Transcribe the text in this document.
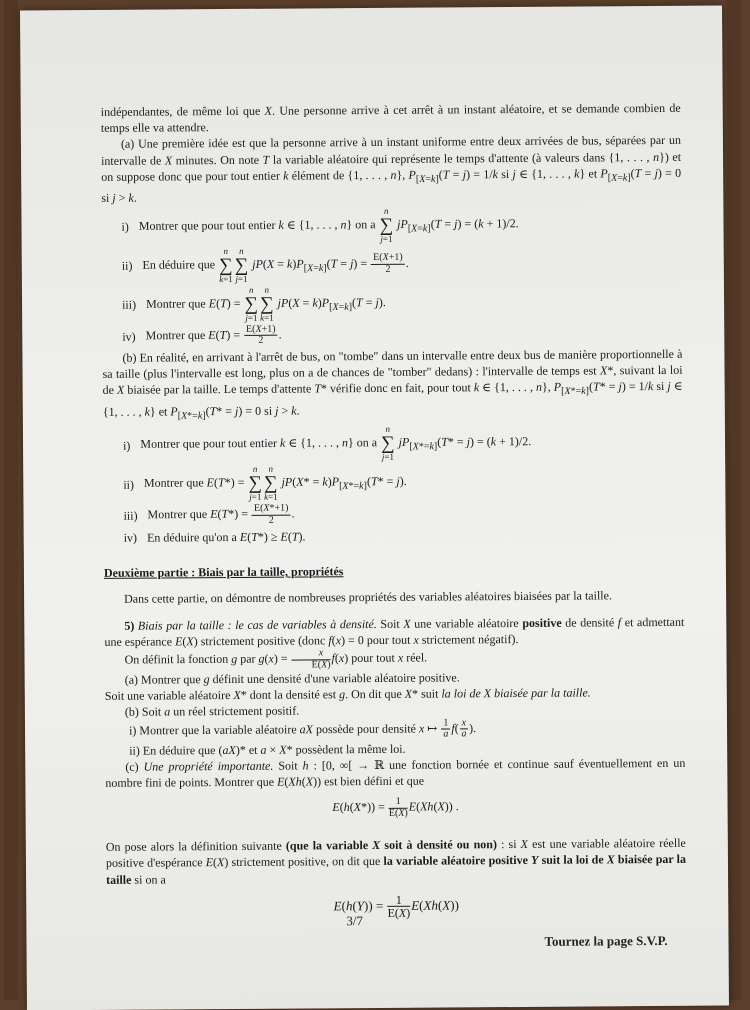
indépendantes, de même loi que X. Une personne arrive à cet arrêt à un instant aléatoire, et se demande combien de temps elle va attendre.

(a) Une première idée est que la personne arrive à un instant uniforme entre deux arrivées de bus, séparées par un intervalle de X minutes. On note T la variable aléatoire qui représente le temps d'attente (à valeurs dans {1, . . . , n}) et on suppose donc que pour tout entier k élément de {1, . . . , n}, $P_{[X=k]}(T = j) = 1/k$ si j ∈ {1, . . . , k} et $P_{[X=k]}(T = j) = 0$ si j > k.

i) Montrer que pour tout entier k ∈ {1, . . . , n} on a
n
∑
j=1
$jP_{[X=k]}(T = j) = (k + 1)/2$.
ii) En déduire que
n
∑
k=1
n
∑
j=1
$jP(X = k)P_{[X=k]}(T = j) = \frac{E(X+1)}{2}$ .
iii) Montrer que E(T) =
n
∑
j=1
n
∑
k=1
$jP(X = k)P_{[X=k]}(T = j)$.
iv) Montrer que $E(T) = \frac{E(X+1)}{2}$ .

(b) En réalité, en arrivant à l'arrêt de bus, on "tombe" dans un intervalle entre deux bus de manière proportionnelle à sa taille (plus l'intervalle est long, plus on a de chances de "tomber" dedans) : l'intervalle de temps est X*, suivant la loi de X biaisée par la taille. Le temps d'attente T* vérifie donc en fait, pour tout k ∈ {1, . . . , n}, $P_{[X*=k]}(T* = j) = 1/k$ si j ∈ {1, . . . , k} et $P_{[X*=k]}(T* = j) = 0$ si j > k.

i) Montrer que pour tout entier k ∈ {1, . . . , n} on a
n
∑
j=1
$jP_{[X*=k]}(T* = j) = (k + 1)/2$.
ii) Montrer que E(T*) =
n
∑
j=1
n
∑
k=1
$jP(X* = k)P_{[X*=k]}(T* = j)$.
iii) Montrer que $E(T*) = \frac{E(X*+1)}{2}$ .
iv) En déduire qu'on a E(T*) ≥ E(T).

Deuxième partie : Biais par la taille, propriétés

Dans cette partie, on démontre de nombreuses propriétés des variables aléatoires biaisées par la taille.

5) Biais par la taille : le cas de variables à densité. Soit X une variable aléatoire positive de densité f et admettant une espérance E(X) strictement positive (donc f(x) = 0 pour tout x strictement négatif).

On définit la fonction g par $g(x) = \frac{x}{E(X)} f(x)$ pour tout x réel.

(a) Montrer que g définit une densité d'une variable aléatoire positive.

Soit une variable aléatoire X* dont la densité est g. On dit que X* suit la loi de X biaisée par la taille.

(b) Soit a un réel strictement positif.

i) Montrer que la variable aléatoire aX possède pour densité x ↦ $\frac{1}{a} f( \frac{x}{a}$ ).

ii) En déduire que (aX)* et a × X* possèdent la même loi.

(c) Une propriété importante. Soit h : [0, ∞[ → ℝ une fonction bornée et continue sauf éventuellement en un nombre fini de points. Montrer que E(Xh(X)) est bien défini et que

$E(h(X*)) = \frac{1}{E(X)} E(Xh(X))$ .

On pose alors la définition suivante (que la variable X soit à densité ou non) : si X est une variable aléatoire réelle positive d'espérance E(X) strictement positive, on dit que la variable aléatoire positive Y suit la loi de X biaisée par la taille si on a

$E(h(Y)) = \frac{1}{E(X)} E(Xh(X))$

3/7
Tournez la page S.V.P.
